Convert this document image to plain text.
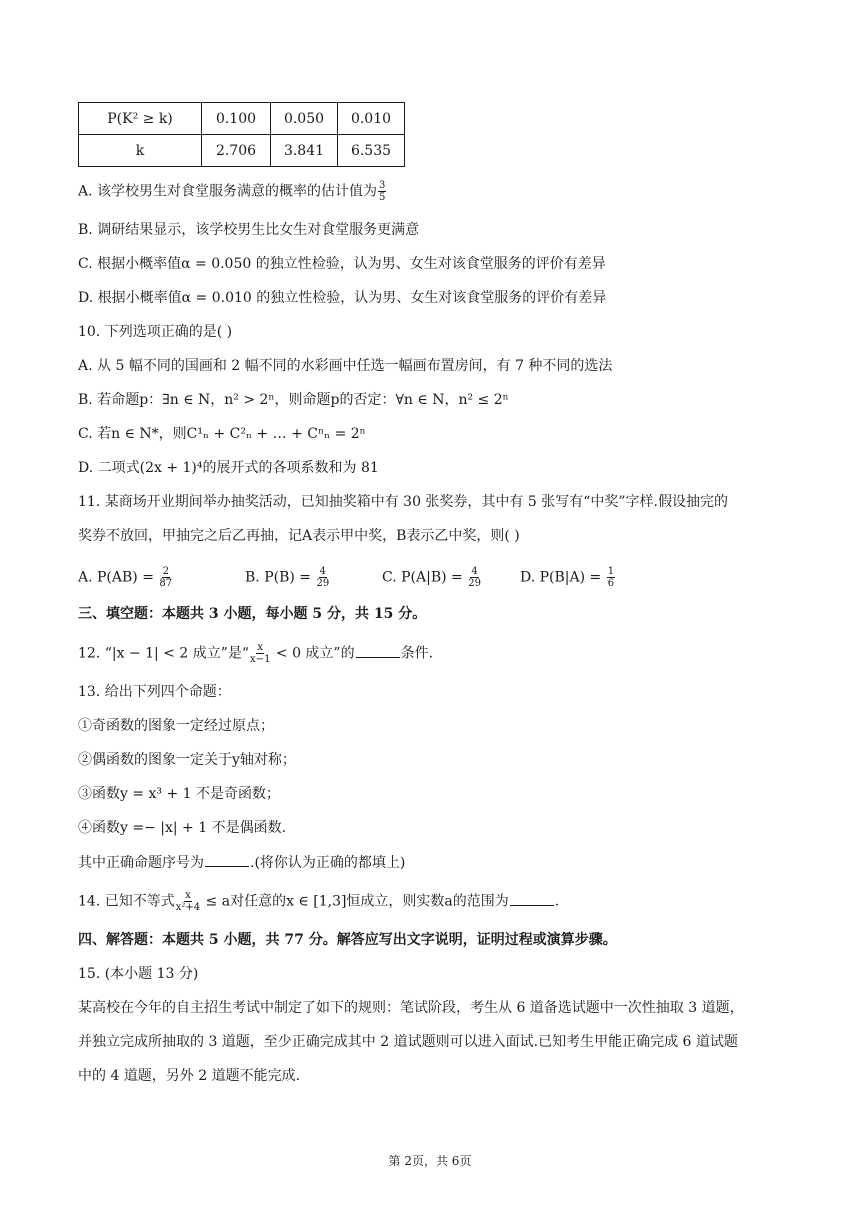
P(K² ≥ k)	0.100	0.050	0.010
k	2.706	3.841	6.535
A. 该学校男生对食堂服务满意的概率的估计值为 $\frac{3}{5}$
B. 调研结果显示，该学校男生比女生对食堂服务更满意
C. 根据小概率值α = 0.050 的独立性检验，认为男、女生对该食堂服务的评价有差异
D. 根据小概率值α = 0.010 的独立性检验，认为男、女生对该食堂服务的评价有差异
10. 下列选项正确的是( )
A. 从 5 幅不同的国画和 2 幅不同的水彩画中任选一幅画布置房间，有 7 种不同的选法
B. 若命题p：∃n ∈ N，n² > 2ⁿ，则命题p的否定：∀n ∈ N，n² ≤ 2ⁿ
C. 若n ∈ N*，则C¹ₙ + C²ₙ + … + Cⁿₙ = 2ⁿ
D. 二项式(2x + 1)⁴的展开式的各项系数和为 81
11. 某商场开业期间举办抽奖活动，已知抽奖箱中有 30 张奖券，其中有 5 张写有“中奖”字样.假设抽完的
奖券不放回，甲抽完之后乙再抽，记A表示甲中奖，B表示乙中奖，则( )
A. $P(AB) = \frac{2}{87}$	B. $P(B) = \frac{4}{29}$	C. $P(A|B) = \frac{4}{29}$	D. $P(B|A) = \frac{1}{6}$
三、填空题：本题共 3 小题，每小题 5 分，共 15 分。
12. “|x − 1| < 2 成立”是“ $\frac{x}{x-1} < 0$ 成立”的	条件.
13. 给出下列四个命题：
①奇函数的图象一定经过原点；
②偶函数的图象一定关于y轴对称；
③函数y = x³ + 1 不是奇函数；
④函数y =− |x| + 1 不是偶函数.
其中正确命题序号为	.(将你认为正确的都填上)
14. 已知不等式 $\frac{x}{\text{x²+4}} \le a$对任意的x ∈ [1,3]恒成立，则实数a的范围为	.
四、解答题：本题共 5 小题，共 77 分。解答应写出文字说明，证明过程或演算步骤。
15. (本小题 13 分)
某高校在今年的自主招生考试中制定了如下的规则：笔试阶段，考生从 6 道备选试题中一次性抽取 3 道题，
并独立完成所抽取的 3 道题，至少正确完成其中 2 道试题则可以进入面试.已知考生甲能正确完成 6 道试题
中的 4 道题，另外 2 道题不能完成.
第 2页，共 6页
